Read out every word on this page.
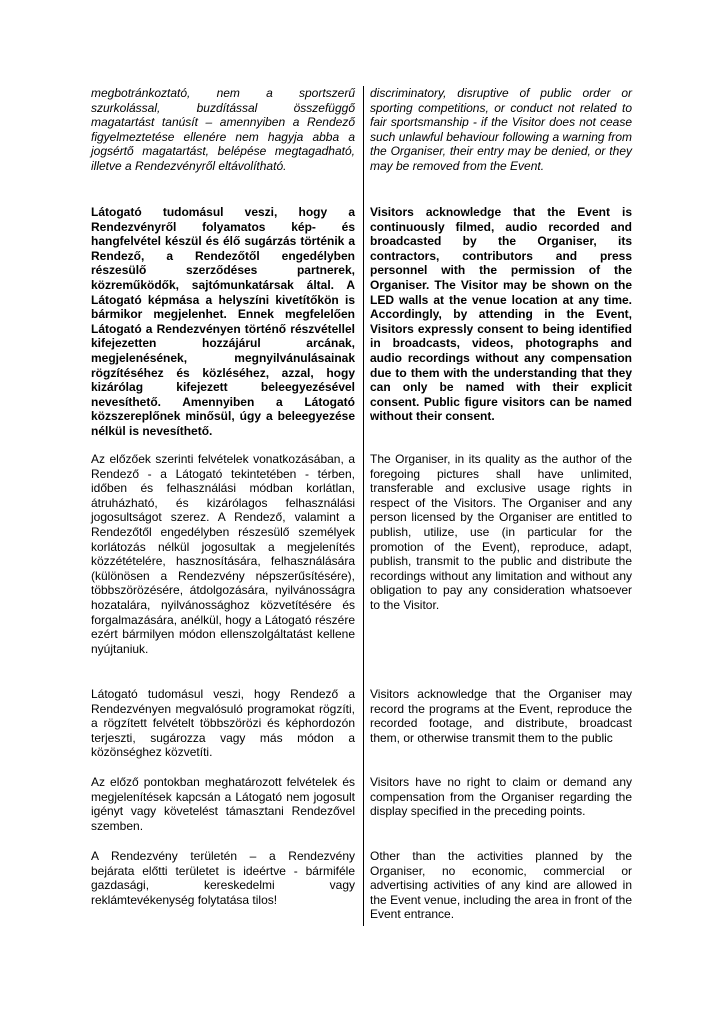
megbotránkoztató, nem a sportszerű szurkolással, buzdítással összefüggő magatartást tanúsít – amennyiben a Rendező figyelmeztetése ellenére nem hagyja abba a jogsértő magatartást, belépése megtagadható, illetve a Rendezvényről eltávolítható.
discriminatory, disruptive of public order or sporting competitions, or conduct not related to fair sportsmanship - if the Visitor does not cease such unlawful behaviour following a warning from the Organiser, their entry may be denied, or they may be removed from the Event.
Látogató tudomásul veszi, hogy a Rendezvényről folyamatos kép- és hangfelvétel készül és élő sugárzás történik a Rendező, a Rendezőtől engedélyben részesülő szerződéses partnerek, közreműködők, sajtómunkatársak által. A Látogató képmása a helyszíni kivetítőkön is bármikor megjelenhet. Ennek megfelelően Látogató a Rendezvényen történő részvétellel kifejezetten hozzájárul arcának, megjelenésének, megnyilvánulásainak rögzítéséhez és közléséhez, azzal, hogy kizárólag kifejezett beleegyezésével nevesíthető. Amennyiben a Látogató közszereplőnek minősül, úgy a beleegyezése nélkül is nevesíthető.
Visitors acknowledge that the Event is continuously filmed, audio recorded and broadcasted by the Organiser, its contractors, contributors and press personnel with the permission of the Organiser. The Visitor may be shown on the LED walls at the venue location at any time. Accordingly, by attending in the Event, Visitors expressly consent to being identified in broadcasts, videos, photographs and audio recordings without any compensation due to them with the understanding that they can only be named with their explicit consent. Public figure visitors can be named without their consent.
Az előzőek szerinti felvételek vonatkozásában, a Rendező - a Látogató tekintetében - térben, időben és felhasználási módban korlátlan, átruházható, és kizárólagos felhasználási jogosultságot szerez. A Rendező, valamint a Rendezőtől engedélyben részesülő személyek korlátozás nélkül jogosultak a megjelenítés közzétételére, hasznosítására, felhasználására (különösen a Rendezvény népszerűsítésére), többszörözésére, átdolgozására, nyilvánosságra hozatalára, nyilvánossághoz közvetítésére és forgalmazására, anélkül, hogy a Látogató részére ezért bármilyen módon ellenszolgáltatást kellene nyújtaniuk.
The Organiser, in its quality as the author of the foregoing pictures shall have unlimited, transferable and exclusive usage rights in respect of the Visitors. The Organiser and any person licensed by the Organiser are entitled to publish, utilize, use (in particular for the promotion of the Event), reproduce, adapt, publish, transmit to the public and distribute the recordings without any limitation and without any obligation to pay any consideration whatsoever to the Visitor.
Látogató tudomásul veszi, hogy Rendező a Rendezvényen megvalósuló programokat rögzíti, a rögzített felvételt többszörözi és képhordozón terjeszti, sugározza vagy más módon a közönséghez közvetíti.
Visitors acknowledge that the Organiser may record the programs at the Event, reproduce the recorded footage, and distribute, broadcast them, or otherwise transmit them to the public
Az előző pontokban meghatározott felvételek és megjelenítések kapcsán a Látogató nem jogosult igényt vagy követelést támasztani Rendezővel szemben.
Visitors have no right to claim or demand any compensation from the Organiser regarding the display specified in the preceding points.
A Rendezvény területén – a Rendezvény bejárata előtti területet is ideértve - bármiféle gazdasági, kereskedelmi vagy reklámtevékenység folytatása tilos!
Other than the activities planned by the Organiser, no economic, commercial or advertising activities of any kind are allowed in the Event venue, including the area in front of the Event entrance.
